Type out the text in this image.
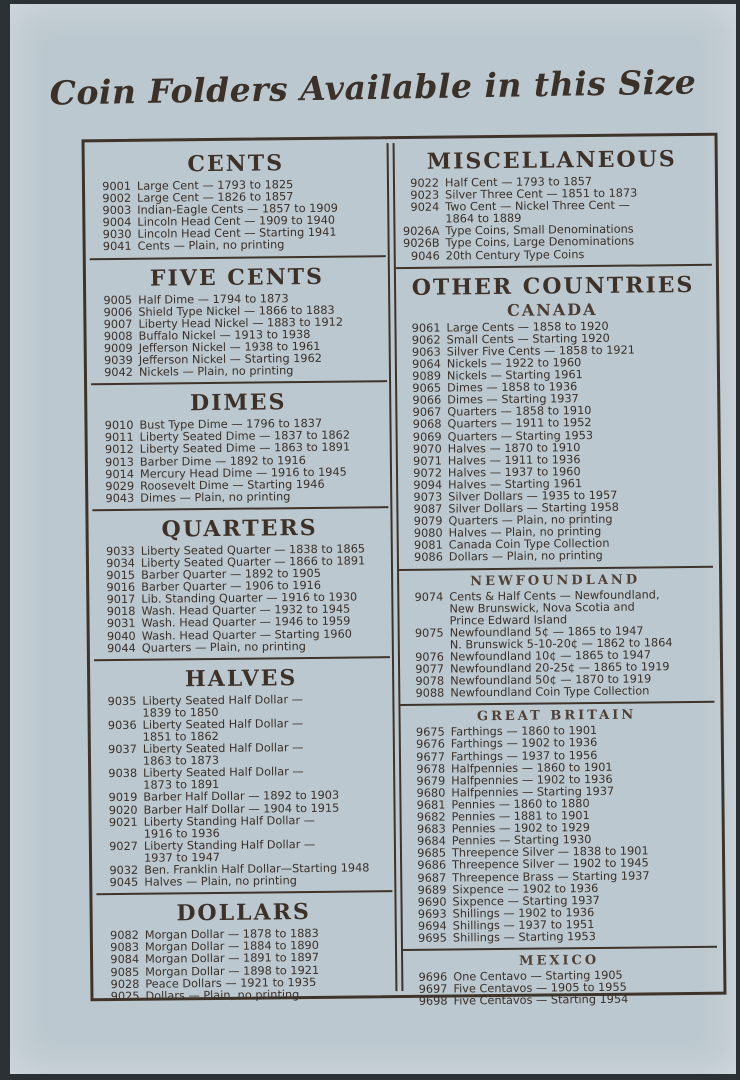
Coin Folders Available in this Size
CENTS
9001 Large Cent — 1793 to 1825
9002 Large Cent — 1826 to 1857
9003 Indian-Eagle Cents — 1857 to 1909
9004 Lincoln Head Cent — 1909 to 1940
9030 Lincoln Head Cent — Starting 1941
9041 Cents — Plain, no printing
FIVE CENTS
9005 Half Dime — 1794 to 1873
9006 Shield Type Nickel — 1866 to 1883
9007 Liberty Head Nickel — 1883 to 1912
9008 Buffalo Nickel — 1913 to 1938
9009 Jefferson Nickel — 1938 to 1961
9039 Jefferson Nickel — Starting 1962
9042 Nickels — Plain, no printing
DIMES
9010 Bust Type Dime — 1796 to 1837
9011 Liberty Seated Dime — 1837 to 1862
9012 Liberty Seated Dime — 1863 to 1891
9013 Barber Dime — 1892 to 1916
9014 Mercury Head Dime — 1916 to 1945
9029 Roosevelt Dime — Starting 1946
9043 Dimes — Plain, no printing
QUARTERS
9033 Liberty Seated Quarter — 1838 to 1865
9034 Liberty Seated Quarter — 1866 to 1891
9015 Barber Quarter — 1892 to 1905
9016 Barber Quarter — 1906 to 1916
9017 Lib. Standing Quarter — 1916 to 1930
9018 Wash. Head Quarter — 1932 to 1945
9031 Wash. Head Quarter — 1946 to 1959
9040 Wash. Head Quarter — Starting 1960
9044 Quarters — Plain, no printing
HALVES
9035 Liberty Seated Half Dollar —
1839 to 1850
9036 Liberty Seated Half Dollar —
1851 to 1862
9037 Liberty Seated Half Dollar —
1863 to 1873
9038 Liberty Seated Half Dollar —
1873 to 1891
9019 Barber Half Dollar — 1892 to 1903
9020 Barber Half Dollar — 1904 to 1915
9021 Liberty Standing Half Dollar —
1916 to 1936
9027 Liberty Standing Half Dollar —
1937 to 1947
9032 Ben. Franklin Half Dollar—Starting 1948
9045 Halves — Plain, no printing
DOLLARS
9082 Morgan Dollar — 1878 to 1883
9083 Morgan Dollar — 1884 to 1890
9084 Morgan Dollar — 1891 to 1897
9085 Morgan Dollar — 1898 to 1921
9028 Peace Dollars — 1921 to 1935
9025 Dollars — Plain, no printing
MISCELLANEOUS
9022 Half Cent — 1793 to 1857
9023 Silver Three Cent — 1851 to 1873
9024 Two Cent — Nickel Three Cent —
1864 to 1889
9026A Type Coins, Small Denominations
9026B Type Coins, Large Denominations
9046 20th Century Type Coins
OTHER COUNTRIES
CANADA
9061 Large Cents — 1858 to 1920
9062 Small Cents — Starting 1920
9063 Silver Five Cents — 1858 to 1921
9064 Nickels — 1922 to 1960
9089 Nickels — Starting 1961
9065 Dimes — 1858 to 1936
9066 Dimes — Starting 1937
9067 Quarters — 1858 to 1910
9068 Quarters — 1911 to 1952
9069 Quarters — Starting 1953
9070 Halves — 1870 to 1910
9071 Halves — 1911 to 1936
9072 Halves — 1937 to 1960
9094 Halves — Starting 1961
9073 Silver Dollars — 1935 to 1957
9087 Silver Dollars — Starting 1958
9079 Quarters — Plain, no printing
9080 Halves — Plain, no printing
9081 Canada Coin Type Collection
9086 Dollars — Plain, no printing
NEWFOUNDLAND
9074 Cents & Half Cents — Newfoundland,
New Brunswick, Nova Scotia and
Prince Edward Island
9075 Newfoundland 5¢ — 1865 to 1947
N. Brunswick 5-10-20¢ — 1862 to 1864
9076 Newfoundland 10¢ — 1865 to 1947
9077 Newfoundland 20-25¢ — 1865 to 1919
9078 Newfoundland 50¢ — 1870 to 1919
9088 Newfoundland Coin Type Collection
GREAT BRITAIN
9675 Farthings — 1860 to 1901
9676 Farthings — 1902 to 1936
9677 Farthings — 1937 to 1956
9678 Halfpennies — 1860 to 1901
9679 Halfpennies — 1902 to 1936
9680 Halfpennies — Starting 1937
9681 Pennies — 1860 to 1880
9682 Pennies — 1881 to 1901
9683 Pennies — 1902 to 1929
9684 Pennies — Starting 1930
9685 Threepence Silver — 1838 to 1901
9686 Threepence Silver — 1902 to 1945
9687 Threepence Brass — Starting 1937
9689 Sixpence — 1902 to 1936
9690 Sixpence — Starting 1937
9693 Shillings — 1902 to 1936
9694 Shillings — 1937 to 1951
9695 Shillings — Starting 1953
MEXICO
9696 One Centavo — Starting 1905
9697 Five Centavos — 1905 to 1955
9698 Five Centavos — Starting 1954
